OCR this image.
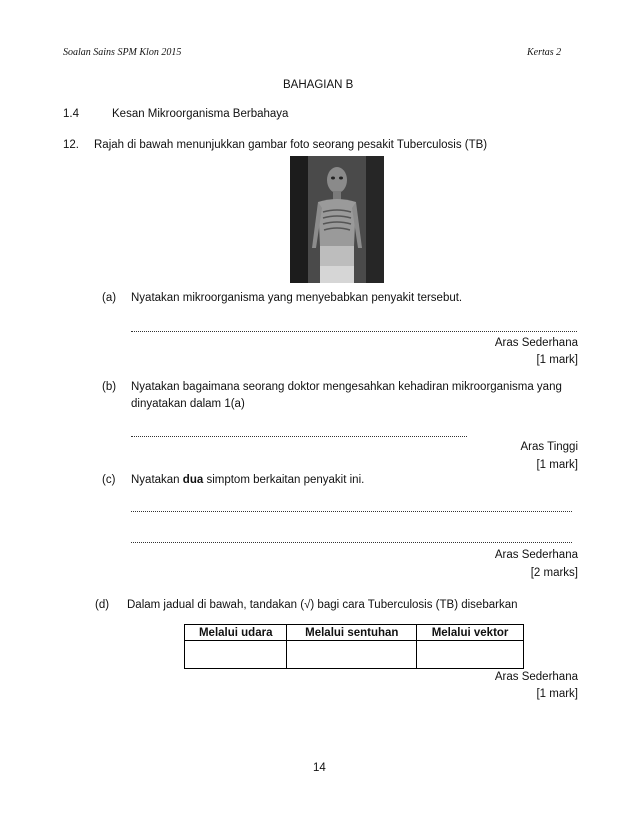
Soalan Sains SPM Klon 2015	Kertas 2
BAHAGIAN B
1.4	Kesan Mikroorganisma Berbahaya
12. Rajah di bawah menunjukkan gambar foto seorang pesakit Tuberculosis (TB)
(a) Nyatakan mikroorganisma yang menyebabkan penyakit tersebut.
Aras Sederhana
[1 mark]
(b) Nyatakan bagaimana seorang doktor mengesahkan kehadiran mikroorganisma yang
dinyatakan dalam 1(a)
Aras Tinggi
[1 mark]
(c) Nyatakan dua simptom berkaitan penyakit ini.
Aras Sederhana
[2 marks]
(d) Dalam jadual di bawah, tandakan (√) bagi cara Tuberculosis (TB) disebarkan
Melalui udara	Melalui sentuhan	Melalui vektor

Aras Sederhana
[1 mark]
14
